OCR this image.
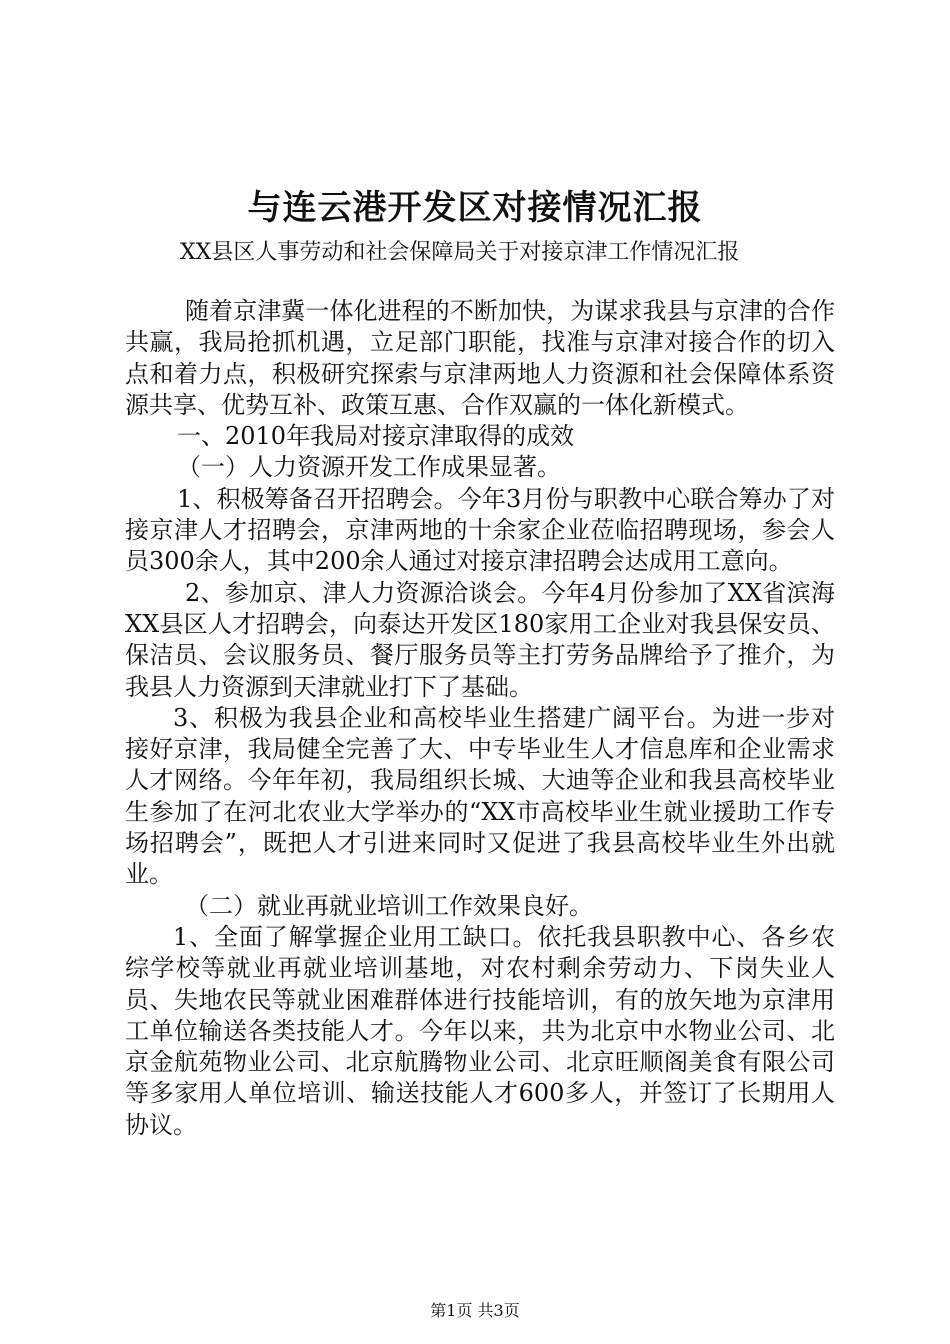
与连云港开发区对接情况汇报
XX县区人事劳动和社会保障局关于对接京津工作情况汇报

随着京津冀一体化进程的不断加快，为谋求我县与京津的合作共赢，我局抢抓机遇，立足部门职能，找准与京津对接合作的切入点和着力点，积极研究探索与京津两地人力资源和社会保障体系资源共享、优势互补、政策互惠、合作双赢的一体化新模式。

一、2010年我局对接京津取得的成效

（一）人力资源开发工作成果显著。

1、积极筹备召开招聘会。今年3月份与职教中心联合筹办了对接京津人才招聘会，京津两地的十余家企业莅临招聘现场，参会人员300余人，其中200余人通过对接京津招聘会达成用工意向。

2、参加京、津人力资源洽谈会。今年4月份参加了XX省滨海XX县区人才招聘会，向泰达开发区180家用工企业对我县保安员、保洁员、会议服务员、餐厅服务员等主打劳务品牌给予了推介，为我县人力资源到天津就业打下了基础。

3、积极为我县企业和高校毕业生搭建广阔平台。为进一步对接好京津，我局健全完善了大、中专毕业生人才信息库和企业需求人才网络。今年年初，我局组织长城、大迪等企业和我县高校毕业生参加了在河北农业大学举办的“XX市高校毕业生就业援助工作专场招聘会”，既把人才引进来同时又促进了我县高校毕业生外出就业。

（二）就业再就业培训工作效果良好。

1、全面了解掌握企业用工缺口。依托我县职教中心、各乡农综学校等就业再就业培训基地，对农村剩余劳动力、下岗失业人员、失地农民等就业困难群体进行技能培训，有的放矢地为京津用工单位输送各类技能人才。今年以来，共为北京中水物业公司、北京金航苑物业公司、北京航腾物业公司、北京旺顺阁美食有限公司等多家用人单位培训、输送技能人才600多人，并签订了长期用人协议。

第1页 共3页
